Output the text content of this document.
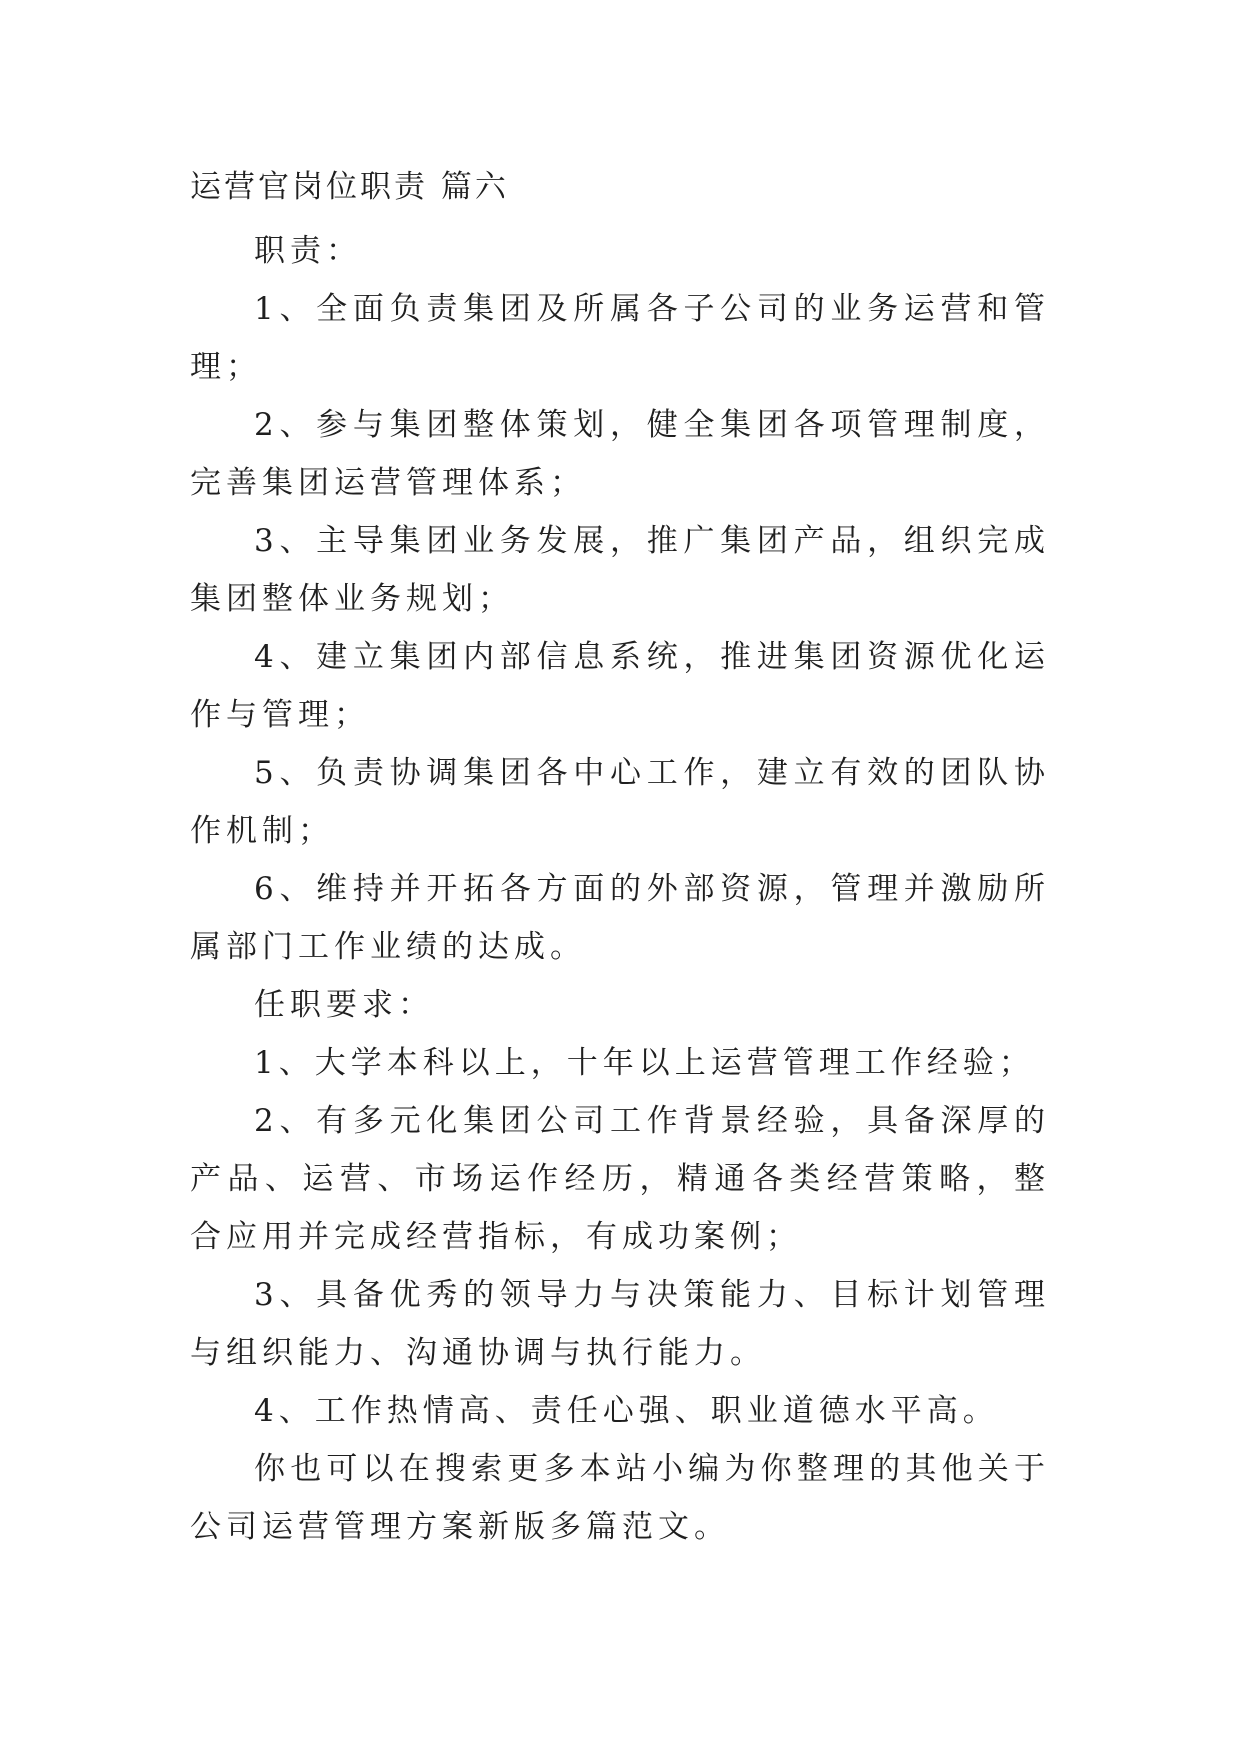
运营官岗位职责 篇六

职责：

1、全面负责集团及所属各子公司的业务运营和管理；

2、参与集团整体策划，健全集团各项管理制度，完善集团运营管理体系；

3、主导集团业务发展，推广集团产品，组织完成集团整体业务规划；

4、建立集团内部信息系统，推进集团资源优化运作与管理；

5、负责协调集团各中心工作，建立有效的团队协作机制；

6、维持并开拓各方面的外部资源，管理并激励所属部门工作业绩的达成。

任职要求：

1、大学本科以上，十年以上运营管理工作经验；

2、有多元化集团公司工作背景经验，具备深厚的产品、运营、市场运作经历，精通各类经营策略，整合应用并完成经营指标，有成功案例；

3、具备优秀的领导力与决策能力、目标计划管理与组织能力、沟通协调与执行能力。

4、工作热情高、责任心强、职业道德水平高。

你也可以在搜索更多本站小编为你整理的其他关于公司运营管理方案新版多篇范文。
